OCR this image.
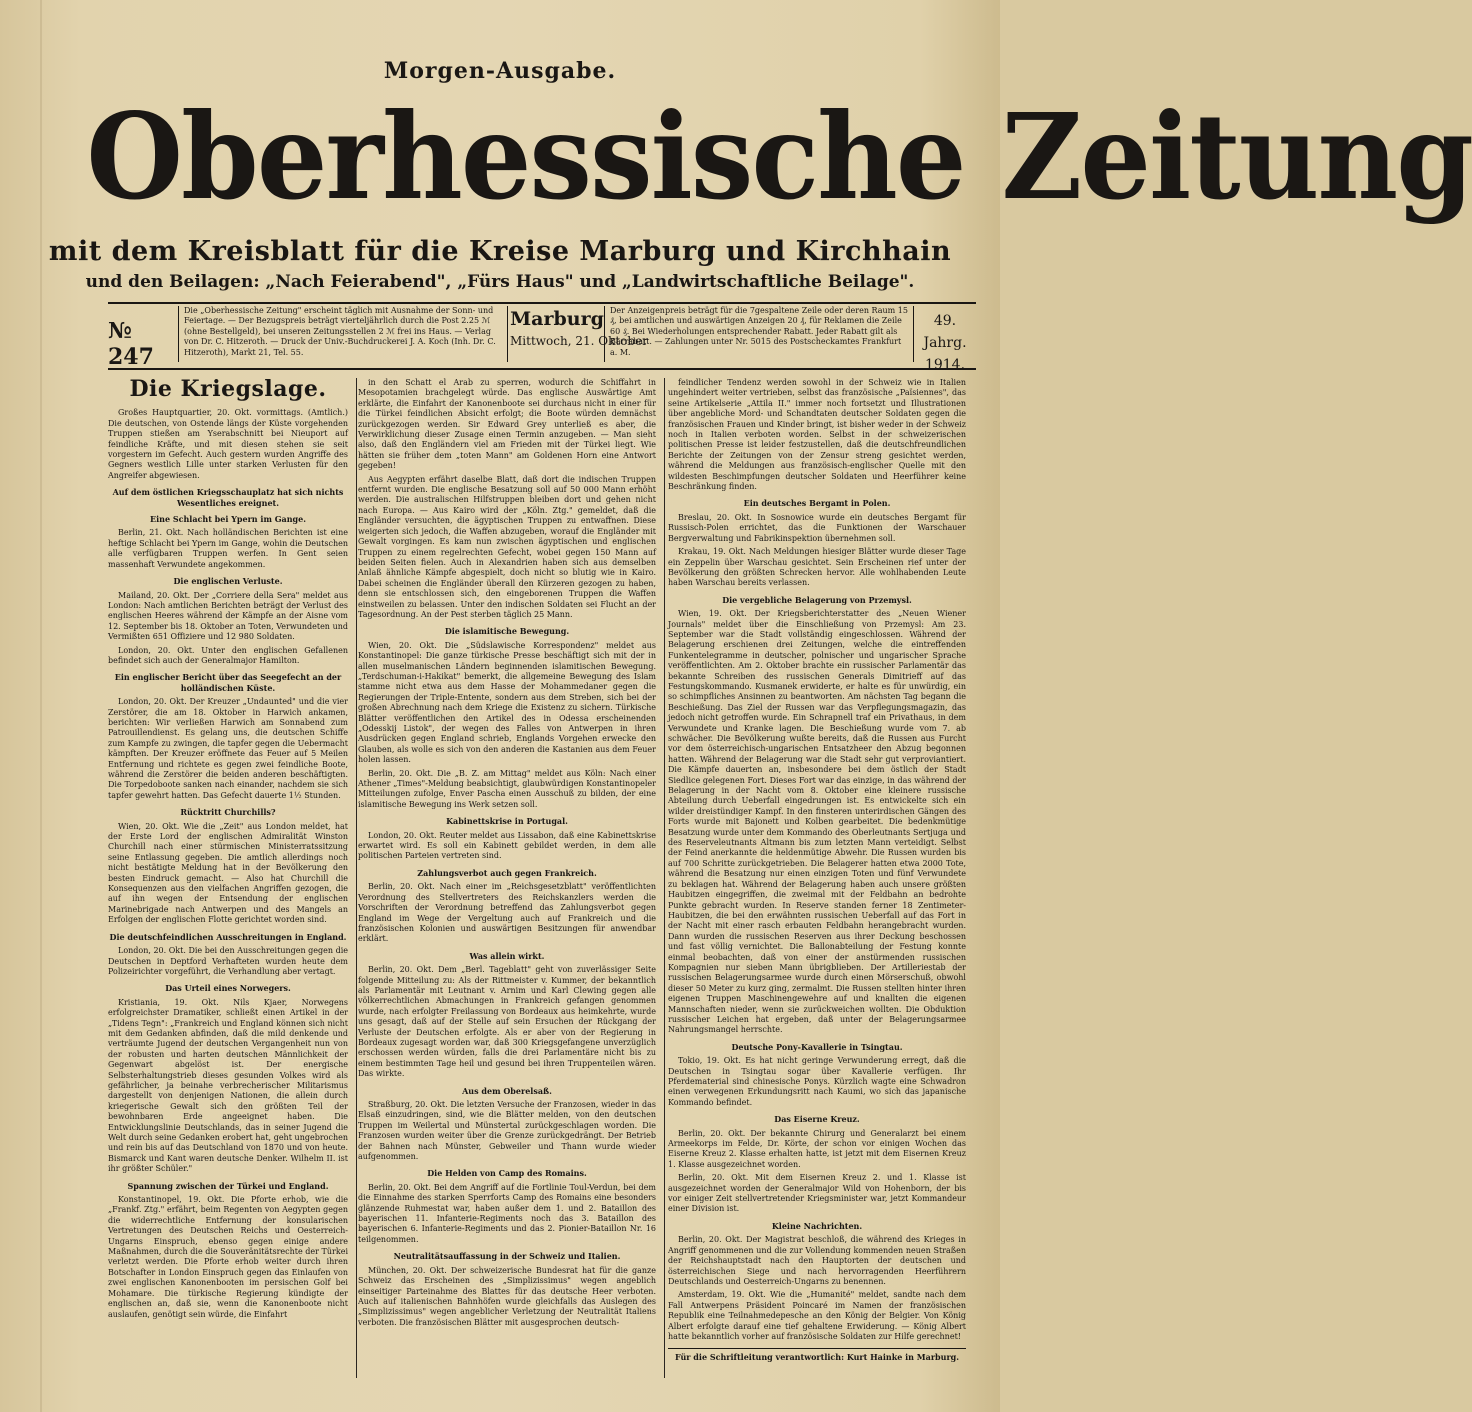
Morgen-Ausgabe.
Oberhessische Zeitung
mit dem Kreisblatt für die Kreise Marburg und Kirchhain
und den Beilagen: „Nach Feierabend", „Fürs Haus" und „Landwirtschaftliche Beilage".
№ 247
Die „Oberhessische Zeitung" erscheint täglich mit Ausnahme der Sonn- und Feiertage. — Der Bezugspreis beträgt vierteljährlich durch die Post 2.25 ℳ (ohne Bestellgeld), bei unseren Zeitungsstellen 2 ℳ frei ins Haus. — Verlag von Dr. C. Hitzeroth. — Druck der Univ.-Buchdruckerei J. A. Koch (Inh. Dr. C. Hitzeroth), Markt 21, Tel. 55.
Marburg
Mittwoch, 21. Oktober
Der Anzeigenpreis beträgt für die 7gespaltene Zeile oder deren Raum 15 ₰, bei amtlichen und auswärtigen Anzeigen 20 ₰, für Reklamen die Zeile 60 ₰. Bei Wiederholungen entsprechender Rabatt. Jeder Rabatt gilt als Barrabatt. — Zahlungen unter Nr. 5015 des Postscheckamtes Frankfurt a. M.
49. Jahrg.
1914.
Die Kriegslage.

Großes Hauptquartier, 20. Okt. vormittags. (Amtlich.) Die deutschen, von Ostende längs der Küste vorgehenden Truppen stießen am Yserabschnitt bei Nieuport auf feindliche Kräfte, und mit diesen stehen sie seit vorgestern im Gefecht. Auch gestern wurden Angriffe des Gegners westlich Lille unter starken Verlusten für den Angreifer abgewiesen.

Auf dem östlichen Kriegsschauplatz hat sich nichts Wesentliches ereignet.
Eine Schlacht bei Ypern im Gange.

Berlin, 21. Okt. Nach holländischen Berichten ist eine heftige Schlacht bei Ypern im Gange, wohin die Deutschen alle verfügbaren Truppen werfen. In Gent seien massenhaft Verwundete angekommen.

Die englischen Verluste.

Mailand, 20. Okt. Der „Corriere della Sera" meldet aus London: Nach amtlichen Berichten beträgt der Verlust des englischen Heeres während der Kämpfe an der Aisne vom 12. September bis 18. Oktober an Toten, Verwundeten und Vermißten 651 Offiziere und 12 980 Soldaten.

London, 20. Okt. Unter den englischen Gefallenen befindet sich auch der Generalmajor Hamilton.

Ein englischer Bericht über das Seegefecht an der holländischen Küste.

London, 20. Okt. Der Kreuzer „Undaunted" und die vier Zerstörer, die am 18. Oktober in Harwich ankamen, berichten: Wir verließen Harwich am Sonnabend zum Patrouillendienst. Es gelang uns, die deutschen Schiffe zum Kampfe zu zwingen, die tapfer gegen die Uebermacht kämpften. Der Kreuzer eröffnete das Feuer auf 5 Meilen Entfernung und richtete es gegen zwei feindliche Boote, während die Zerstörer die beiden anderen beschäftigten. Die Torpedoboote sanken nach einander, nachdem sie sich tapfer gewehrt hatten. Das Gefecht dauerte 1½ Stunden.

Rücktritt Churchills?

Wien, 20. Okt. Wie die „Zeit" aus London meldet, hat der Erste Lord der englischen Admiralität Winston Churchill nach einer stürmischen Ministerratssitzung seine Entlassung gegeben. Die amtlich allerdings noch nicht bestätigte Meldung hat in der Bevölkerung den besten Eindruck gemacht. — Also hat Churchill die Konsequenzen aus den vielfachen Angriffen gezogen, die auf ihn wegen der Entsendung der englischen Marinebrigade nach Antwerpen und des Mangels an Erfolgen der englischen Flotte gerichtet worden sind.

Die deutschfeindlichen Ausschreitungen in England.

London, 20. Okt. Die bei den Ausschreitungen gegen die Deutschen in Deptford Verhafteten wurden heute dem Polizeirichter vorgeführt, die Verhandlung aber vertagt.

Das Urteil eines Norwegers.

Kristiania, 19. Okt. Nils Kjaer, Norwegens erfolgreichster Dramatiker, schließt einen Artikel in der „Tidens Tegn": „Frankreich und England können sich nicht mit dem Gedanken abfinden, daß die mild denkende und verträumte Jugend der deutschen Vergangenheit nun von der robusten und harten deutschen Männlichkeit der Gegenwart abgelöst ist. Der energische Selbsterhaltungstrieb dieses gesunden Volkes wird als gefährlicher, ja beinahe verbrecherischer Militarismus dargestellt von denjenigen Nationen, die allein durch kriegerische Gewalt sich den größten Teil der bewohnbaren Erde angeeignet haben. Die Entwicklungslinie Deutschlands, das in seiner Jugend die Welt durch seine Gedanken erobert hat, geht ungebrochen und rein bis auf das Deutschland von 1870 und von heute. Bismarck und Kant waren deutsche Denker. Wilhelm II. ist ihr größter Schüler."

Spannung zwischen der Türkei und England.

Konstantinopel, 19. Okt. Die Pforte erhob, wie die „Frankf. Ztg." erfährt, beim Regenten von Aegypten gegen die widerrechtliche Entfernung der konsularischen Vertretungen des Deutschen Reichs und Oesterreich-Ungarns Einspruch, ebenso gegen einige andere Maßnahmen, durch die die Souveränitätsrechte der Türkei verletzt werden. Die Pforte erhob weiter durch ihren Botschafter in London Einspruch gegen das Einlaufen von zwei englischen Kanonenbooten im persischen Golf bei Mohamare. Die türkische Regierung kündigte der englischen an, daß sie, wenn die Kanonenboote nicht auslaufen, genötigt sein würde, die Einfahrt

in den Schatt el Arab zu sperren, wodurch die Schiffahrt in Mesopotamien brachgelegt würde. Das englische Auswärtige Amt erklärte, die Einfahrt der Kanonenboote sei durchaus nicht in einer für die Türkei feindlichen Absicht erfolgt; die Boote würden demnächst zurückgezogen werden. Sir Edward Grey unterließ es aber, die Verwirklichung dieser Zusage einen Termin anzugeben. — Man sieht also, daß den Engländern viel am Frieden mit der Türkei liegt. Wie hätten sie früher dem „toten Mann" am Goldenen Horn eine Antwort gegeben!

Aus Aegypten erfährt daselbe Blatt, daß dort die indischen Truppen entfernt wurden. Die englische Besatzung soll auf 50 000 Mann erhöht werden. Die australischen Hilfstruppen bleiben dort und gehen nicht nach Europa. — Aus Kairo wird der „Köln. Ztg." gemeldet, daß die Engländer versuchten, die ägyptischen Truppen zu entwaffnen. Diese weigerten sich jedoch, die Waffen abzugeben, worauf die Engländer mit Gewalt vorgingen. Es kam nun zwischen ägyptischen und englischen Truppen zu einem regelrechten Gefecht, wobei gegen 150 Mann auf beiden Seiten fielen. Auch in Alexandrien haben sich aus demselben Anlaß ähnliche Kämpfe abgespielt, doch nicht so blutig wie in Kairo. Dabei scheinen die Engländer überall den Kürzeren gezogen zu haben, denn sie entschlossen sich, den eingeborenen Truppen die Waffen einstweilen zu belassen. Unter den indischen Soldaten sei Flucht an der Tagesordnung. An der Pest sterben täglich 25 Mann.

Die islamitische Bewegung.

Wien, 20. Okt. Die „Südslawische Korrespondenz" meldet aus Konstantinopel: Die ganze türkische Presse beschäftigt sich mit der in allen muselmanischen Ländern beginnenden islamitischen Bewegung. „Terdschuman-i-Hakikat" bemerkt, die allgemeine Bewegung des Islam stamme nicht etwa aus dem Hasse der Mohammedaner gegen die Regierungen der Triple-Entente, sondern aus dem Streben, sich bei der großen Abrechnung nach dem Kriege die Existenz zu sichern. Türkische Blätter veröffentlichen den Artikel des in Odessa erscheinenden „Odesskij Listok", der wegen des Falles von Antwerpen in ihren Ausdrücken gegen England schrieb, Englands Vorgehen erwecke den Glauben, als wolle es sich von den anderen die Kastanien aus dem Feuer holen lassen.

Berlin, 20. Okt. Die „B. Z. am Mittag" meldet aus Köln: Nach einer Athener „Times"-Meldung beabsichtigt, glaubwürdigen Konstantinopeler Mitteilungen zufolge, Enver Pascha einen Ausschuß zu bilden, der eine islamitische Bewegung ins Werk setzen soll.

Kabinettskrise in Portugal.

London, 20. Okt. Reuter meldet aus Lissabon, daß eine Kabinettskrise erwartet wird. Es soll ein Kabinett gebildet werden, in dem alle politischen Parteien vertreten sind.

Zahlungsverbot auch gegen Frankreich.

Berlin, 20. Okt. Nach einer im „Reichsgesetzblatt" veröffentlichten Verordnung des Stellvertreters des Reichskanzlers werden die Vorschriften der Verordnung betreffend das Zahlungsverbot gegen England im Wege der Vergeltung auch auf Frankreich und die französischen Kolonien und auswärtigen Besitzungen für anwendbar erklärt.

Was allein wirkt.

Berlin, 20. Okt. Dem „Berl. Tageblatt" geht von zuverlässiger Seite folgende Mitteilung zu: Als der Rittmeister v. Kummer, der bekanntlich als Parlamentär mit Leutnant v. Arnim und Karl Clewing gegen alle völkerrechtlichen Abmachungen in Frankreich gefangen genommen wurde, nach erfolgter Freilassung von Bordeaux aus heimkehrte, wurde uns gesagt, daß auf der Stelle auf sein Ersuchen der Rückgang der Verluste der Deutschen erfolgte. Als er aber von der Regierung in Bordeaux zugesagt worden war, daß 300 Kriegsgefangene unverzüglich erschossen werden würden, falls die drei Parlamentäre nicht bis zu einem bestimmten Tage heil und gesund bei ihren Truppenteilen wären. Das wirkte.

Aus dem Oberelsaß.

Straßburg, 20. Okt. Die letzten Versuche der Franzosen, wieder in das Elsaß einzudringen, sind, wie die Blätter melden, von den deutschen Truppen im Weilertal und Münstertal zurückgeschlagen worden. Die Franzosen wurden weiter über die Grenze zurückgedrängt. Der Betrieb der Bahnen nach Münster, Gebweiler und Thann wurde wieder aufgenommen.

Die Helden von Camp des Romains.

Berlin, 20. Okt. Bei dem Angriff auf die Fortlinie Toul-Verdun, bei dem die Einnahme des starken Sperrforts Camp des Romains eine besonders glänzende Ruhmestat war, haben außer dem 1. und 2. Bataillon des bayerischen 11. Infanterie-Regiments noch das 3. Bataillon des bayerischen 6. Infanterie-Regiments und das 2. Pionier-Bataillon Nr. 16 teilgenommen.

Neutralitätsauffassung in der Schweiz und Italien.

München, 20. Okt. Der schweizerische Bundesrat hat für die ganze Schweiz das Erscheinen des „Simplizissimus" wegen angeblich einseitiger Parteinahme des Blattes für das deutsche Heer verboten. Auch auf italienischen Bahnhöfen wurde gleichfalls das Auslegen des „Simplizissimus" wegen angeblicher Verletzung der Neutralität Italiens verboten. Die französischen Blätter mit ausgesprochen deutsch-

feindlicher Tendenz werden sowohl in der Schweiz wie in Italien ungehindert weiter vertrieben, selbst das französische „Païsiennes", das seine Artikelserie „Attila II." immer noch fortsetzt und Illustrationen über angebliche Mord- und Schandtaten deutscher Soldaten gegen die französischen Frauen und Kinder bringt, ist bisher weder in der Schweiz noch in Italien verboten worden. Selbst in der schweizerischen politischen Presse ist leider festzustellen, daß die deutschfreundlichen Berichte der Zeitungen von der Zensur streng gesichtet werden, während die Meldungen aus französisch-englischer Quelle mit den wildesten Beschimpfungen deutscher Soldaten und Heerführer keine Beschränkung finden.

Ein deutsches Bergamt in Polen.

Breslau, 20. Okt. In Sosnowice wurde ein deutsches Bergamt für Russisch-Polen errichtet, das die Funktionen der Warschauer Bergverwaltung und Fabrikinspektion übernehmen soll.

Krakau, 19. Okt. Nach Meldungen hiesiger Blätter wurde dieser Tage ein Zeppelin über Warschau gesichtet. Sein Erscheinen rief unter der Bevölkerung den größten Schrecken hervor. Alle wohlhabenden Leute haben Warschau bereits verlassen.

Die vergebliche Belagerung von Przemysl.

Wien, 19. Okt. Der Kriegsberichterstatter des „Neuen Wiener Journals" meldet über die Einschließung von Przemysl: Am 23. September war die Stadt vollständig eingeschlossen. Während der Belagerung erschienen drei Zeitungen, welche die eintreffenden Funkentelegramme in deutscher, polnischer und ungarischer Sprache veröffentlichten. Am 2. Oktober brachte ein russischer Parlamentär das bekannte Schreiben des russischen Generals Dimitrieff auf das Festungskommando. Kusmanek erwiderte, er halte es für unwürdig, ein so schimpfliches Ansinnen zu beantworten. Am nächsten Tag begann die Beschießung. Das Ziel der Russen war das Verpflegungsmagazin, das jedoch nicht getroffen wurde. Ein Schrapnell traf ein Privathaus, in dem Verwundete und Kranke lagen. Die Beschießung wurde vom 7. ab schwächer. Die Bevölkerung wußte bereits, daß die Russen aus Furcht vor dem österreichisch-ungarischen Entsatzheer den Abzug begonnen hatten. Während der Belagerung war die Stadt sehr gut verproviantiert. Die Kämpfe dauerten an, insbesondere bei dem östlich der Stadt Siedlice gelegenen Fort. Dieses Fort war das einzige, in das während der Belagerung in der Nacht vom 8. Oktober eine kleinere russische Abteilung durch Ueberfall eingedrungen ist. Es entwickelte sich ein wilder dreistündiger Kampf. In den finsteren unterirdischen Gängen des Forts wurde mit Bajonett und Kolben gearbeitet. Die bedenkmütige Besatzung wurde unter dem Kommando des Oberleutnants Sertjuga und des Reserveleutnants Altmann bis zum letzten Mann verteidigt. Selbst der Feind anerkannte die heldenmütige Abwehr. Die Russen wurden bis auf 700 Schritte zurückgetrieben. Die Belagerer hatten etwa 2000 Tote, während die Besatzung nur einen einzigen Toten und fünf Verwundete zu beklagen hat. Während der Belagerung haben auch unsere größten Haubitzen eingegriffen, die zweimal mit der Feldbahn an bedrohte Punkte gebracht wurden. In Reserve standen ferner 18 Zentimeter-Haubitzen, die bei den erwähnten russischen Ueberfall auf das Fort in der Nacht mit einer rasch erbauten Feldbahn herangebracht wurden. Dann wurden die russischen Reserven aus ihrer Deckung beschossen und fast völlig vernichtet. Die Ballonabteilung der Festung konnte einmal beobachten, daß von einer der anstürmenden russischen Kompagnien nur sieben Mann übrigblieben. Der Artilleriestab der russischen Belagerungsarmee wurde durch einen Mörserschuß, obwohl dieser 50 Meter zu kurz ging, zermalmt. Die Russen stellten hinter ihren eigenen Truppen Maschinengewehre auf und knallten die eigenen Mannschaften nieder, wenn sie zurückweichen wollten. Die Obduktion russischer Leichen hat ergeben, daß unter der Belagerungsarmee Nahrungsmangel herrschte.

Deutsche Pony-Kavallerie in Tsingtau.

Tokio, 19. Okt. Es hat nicht geringe Verwunderung erregt, daß die Deutschen in Tsingtau sogar über Kavallerie verfügen. Ihr Pferdematerial sind chinesische Ponys. Kürzlich wagte eine Schwadron einen verwegenen Erkundungsritt nach Kaumi, wo sich das japanische Kommando befindet.

Das Eiserne Kreuz.

Berlin, 20. Okt. Der bekannte Chirurg und Generalarzt bei einem Armeekorps im Felde, Dr. Körte, der schon vor einigen Wochen das Eiserne Kreuz 2. Klasse erhalten hatte, ist jetzt mit dem Eisernen Kreuz 1. Klasse ausgezeichnet worden.

Berlin, 20. Okt. Mit dem Eisernen Kreuz 2. und 1. Klasse ist ausgezeichnet worden der Generalmajor Wild von Hohenborn, der bis vor einiger Zeit stellvertretender Kriegsminister war, jetzt Kommandeur einer Division ist.

Kleine Nachrichten.

Berlin, 20. Okt. Der Magistrat beschloß, die während des Krieges in Angriff genommenen und die zur Vollendung kommenden neuen Straßen der Reichshauptstadt nach den Hauptorten der deutschen und österreichischen Siege und nach hervorragenden Heerführern Deutschlands und Oesterreich-Ungarns zu benennen.

Amsterdam, 19. Okt. Wie die „Humanité" meldet, sandte nach dem Fall Antwerpens Präsident Poincaré im Namen der französischen Republik eine Teilnahmedepesche an den König der Belgier. Von König Albert erfolgte darauf eine tief gehaltene Erwiderung. — König Albert hatte bekanntlich vorher auf französische Soldaten zur Hilfe gerechnet!

Für die Schriftleitung verantwortlich: Kurt Hainke in Marburg.
